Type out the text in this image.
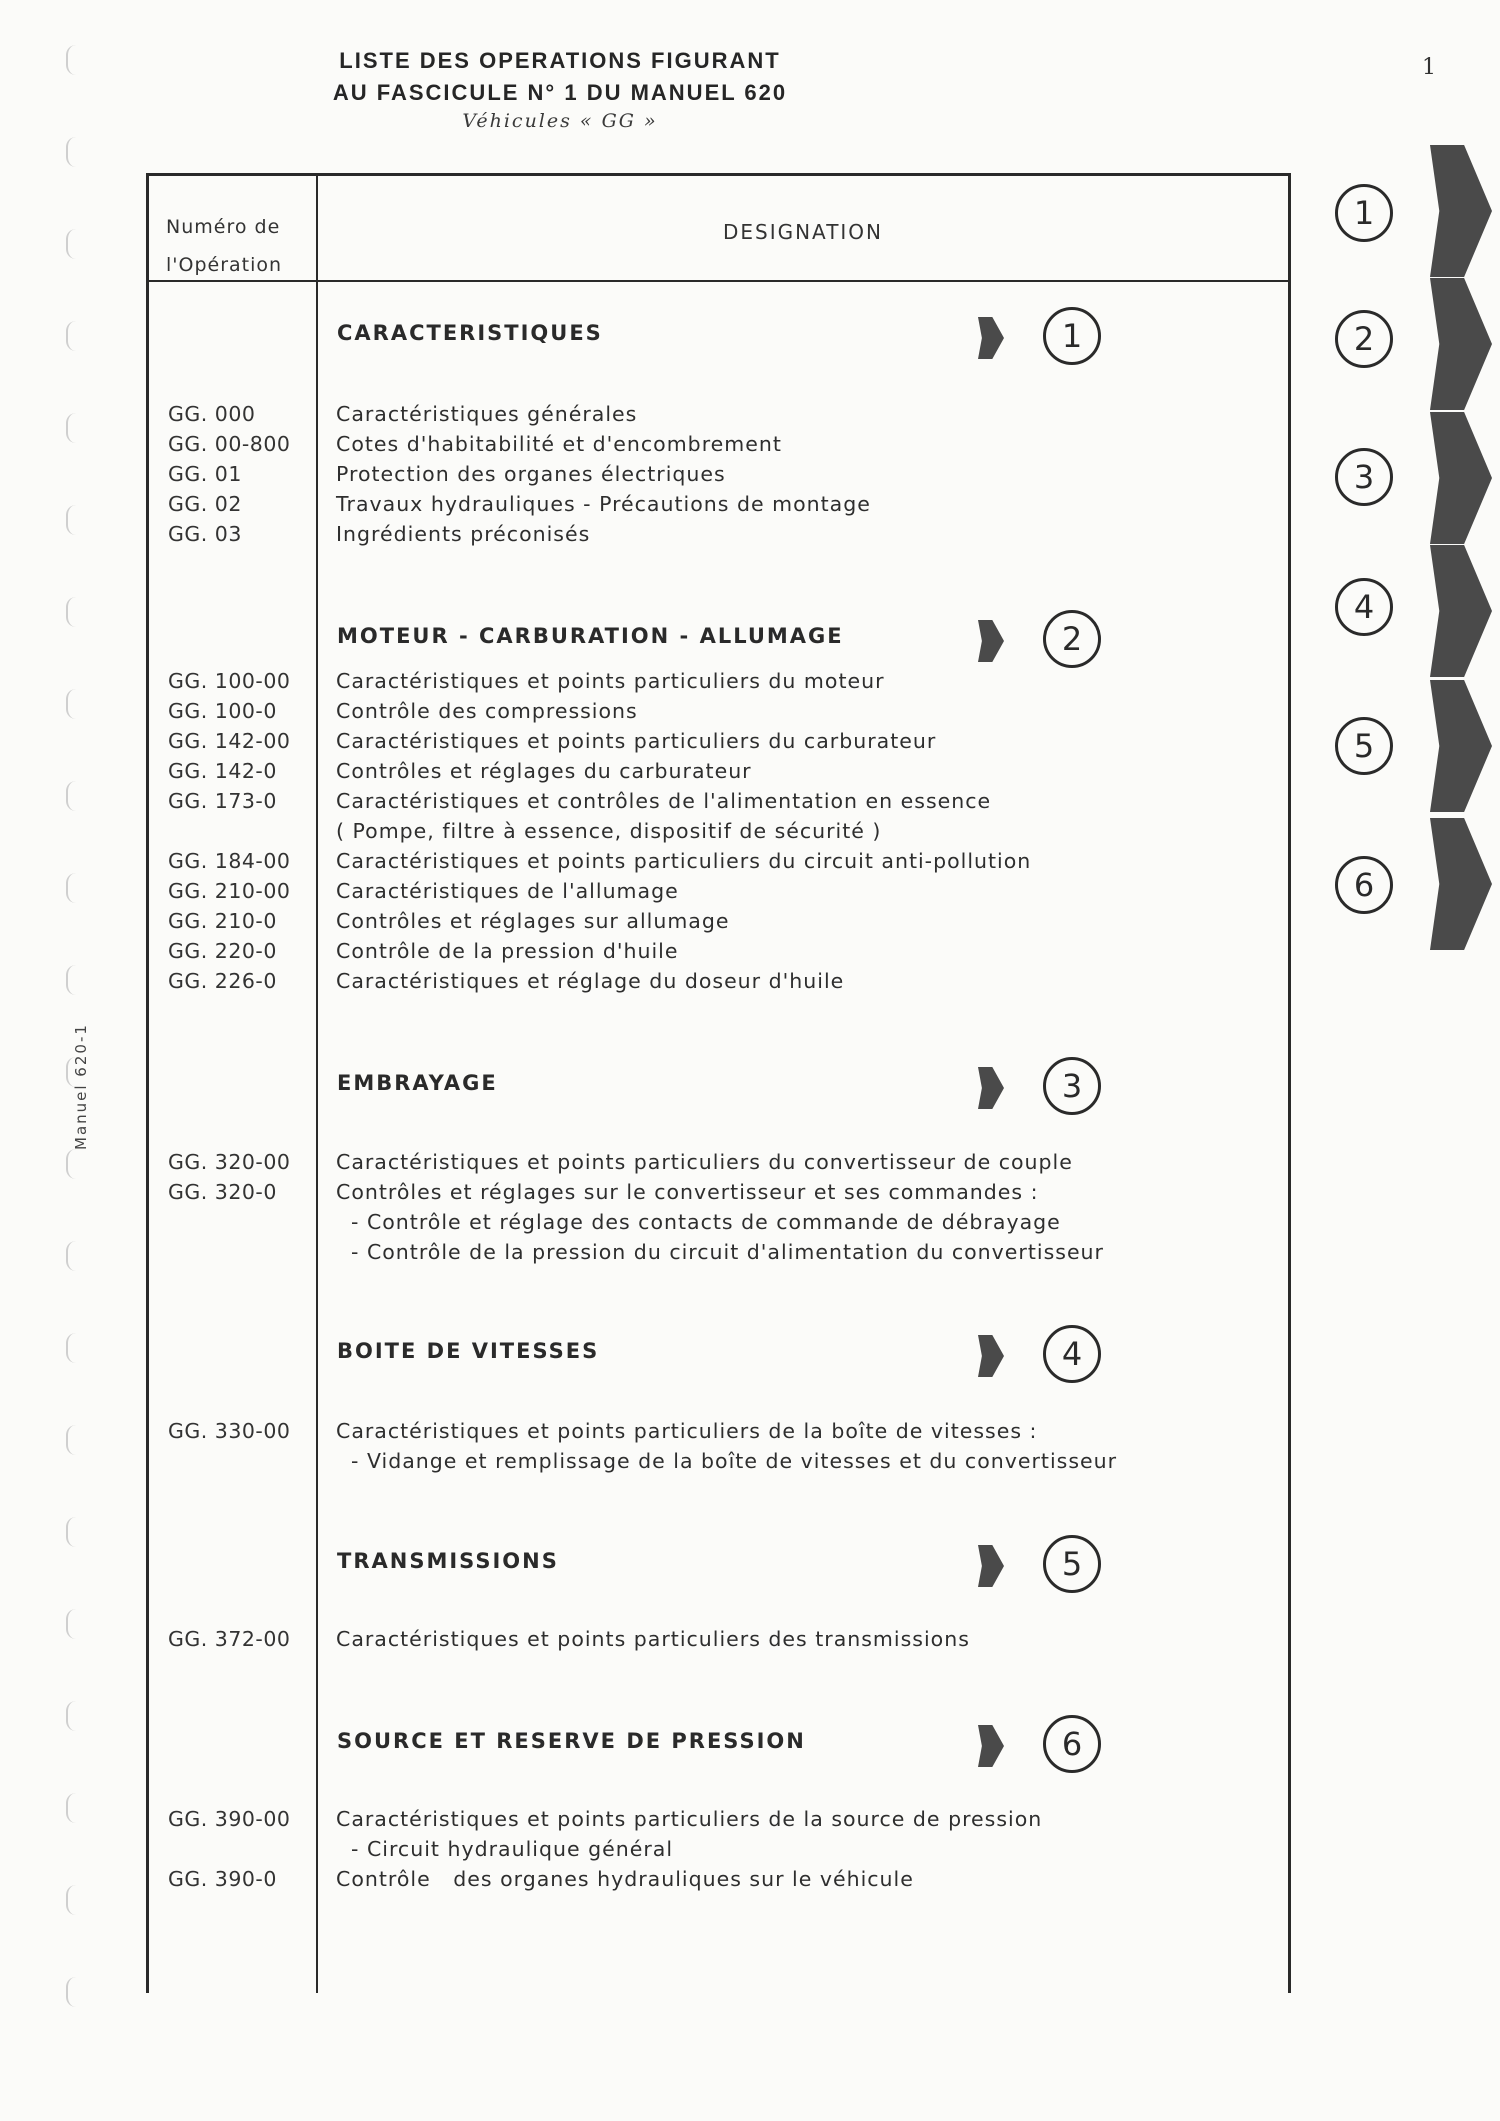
LISTE DES OPERATIONS FIGURANT
AU FASCICULE N° 1 DU MANUEL 620
Véhicules « GG »
1
Manuel 620-1
Numéro de
l'Opération
DESIGNATION
CARACTERISTIQUES	1
GG. 000	Caractéristiques générales
GG. 00-800 Cotes d'habitabilité et d'encombrement
GG. 01	Protection des organes électriques
GG. 02	Travaux hydrauliques - Précautions de montage
GG. 03	Ingrédients préconisés
MOTEUR - CARBURATION - ALLUMAGE	2
GG. 100-00 Caractéristiques et points particuliers du moteur
GG. 100-0	Contrôle des compressions
GG. 142-00 Caractéristiques et points particuliers du carburateur
GG. 142-0	Contrôles et réglages du carburateur
GG. 173-0	Caractéristiques et contrôles de l'alimentation en essence
( Pompe, filtre à essence, dispositif de sécurité )
GG. 184-00 Caractéristiques et points particuliers du circuit anti-pollution
GG. 210-00 Caractéristiques de l'allumage
GG. 210-0	Contrôles et réglages sur allumage
GG. 220-0	Contrôle de la pression d'huile
GG. 226-0	Caractéristiques et réglage du doseur d'huile
EMBRAYAGE	3
GG. 320-00 Caractéristiques et points particuliers du convertisseur de couple
GG. 320-0	Contrôles et réglages sur le convertisseur et ses commandes :
- Contrôle et réglage des contacts de commande de débrayage
- Contrôle de la pression du circuit d'alimentation du convertisseur
BOITE DE VITESSES	4
GG. 330-00 Caractéristiques et points particuliers de la boîte de vitesses :
- Vidange et remplissage de la boîte de vitesses et du convertisseur
TRANSMISSIONS	5
GG. 372-00 Caractéristiques et points particuliers des transmissions
SOURCE ET RESERVE DE PRESSION	6
GG. 390-00 Caractéristiques et points particuliers de la source de pression
- Circuit hydraulique général
GG. 390-0	Contrôle   des organes hydrauliques sur le véhicule
1
2
3
4
5
6
